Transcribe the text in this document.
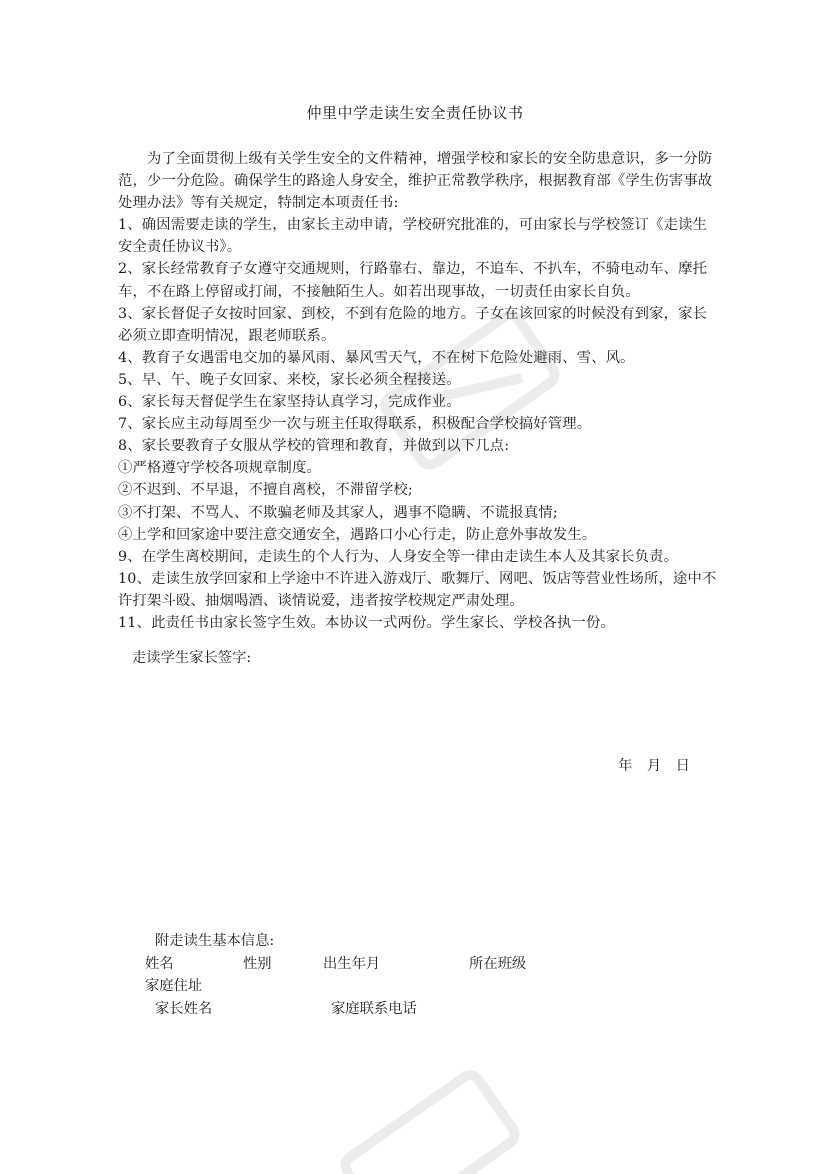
仲里中学走读生安全责任协议书

为了全面贯彻上级有关学生安全的文件精神，增强学校和家长的安全防患意识，多一分防范，少一分危险。确保学生的路途人身安全，维护正常教学秩序，根据教育部《学生伤害事故处理办法》等有关规定，特制定本项责任书:

1、确因需要走读的学生，由家长主动申请，学校研究批准的，可由家长与学校签订《走读生安全责任协议书》。

2、家长经常教育子女遵守交通规则，行路靠右、靠边，不追车、不扒车，不骑电动车、摩托车，不在路上停留或打闹，不接触陌生人。如若出现事故，一切责任由家长自负。

3、家长督促子女按时回家、到校，不到有危险的地方。子女在该回家的时候没有到家，家长必须立即查明情况，跟老师联系。

4、教育子女遇雷电交加的暴风雨、暴风雪天气，不在树下危险处避雨、雪、风。

5、早、午、晚子女回家、来校，家长必须全程接送。

6、家长每天督促学生在家坚持认真学习，完成作业。

7、家长应主动每周至少一次与班主任取得联系，积极配合学校搞好管理。

8、家长要教育子女服从学校的管理和教育，并做到以下几点:

①严格遵守学校各项规章制度。

②不迟到、不早退，不擅自离校，不滞留学校;

③不打架、不骂人、不欺骗老师及其家人，遇事不隐瞒、不谎报真情;

④上学和回家途中要注意交通安全，遇路口小心行走，防止意外事故发生。

9、在学生离校期间，走读生的个人行为、人身安全等一律由走读生本人及其家长负责。

10、走读生放学回家和上学途中不许进入游戏厅、歌舞厅、网吧、饭店等营业性场所，途中不许打架斗殴、抽烟喝酒、谈情说爱，违者按学校规定严肃处理。

11、此责任书由家长签字生效。本协议一式两份。学生家长、学校各执一份。

走读学生家长签字:
年 月 日
附走读生基本信息:
姓名	性别	出生年月	所在班级
家庭住址
家长姓名	家庭联系电话
